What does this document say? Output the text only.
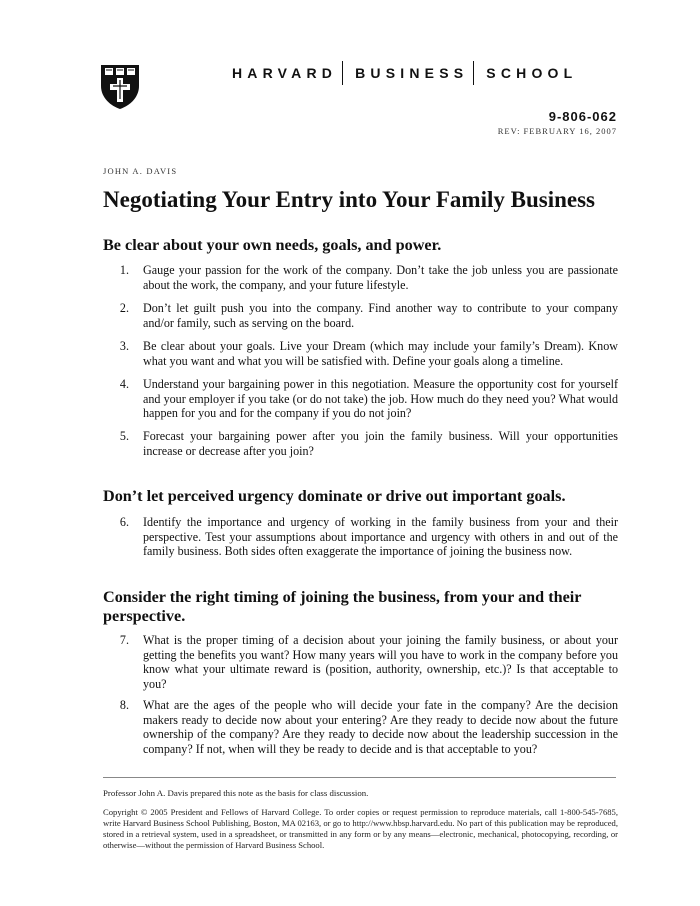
HARVARD BUSINESS SCHOOL
9-806-062
REV: FEBRUARY 16, 2007
JOHN A. DAVIS
Negotiating Your Entry into Your Family Business
Be clear about your own needs, goals, and power.
1. Gauge your passion for the work of the company. Don’t take the job unless you are passionate about the work, the company, and your future lifestyle.
2. Don’t let guilt push you into the company. Find another way to contribute to your company and/or family, such as serving on the board.
3. Be clear about your goals. Live your Dream (which may include your family’s Dream). Know what you want and what you will be satisfied with. Define your goals along a timeline.
4. Understand your bargaining power in this negotiation. Measure the opportunity cost for yourself and your employer if you take (or do not take) the job. How much do they need you? What would happen for you and for the company if you do not join?
5. Forecast your bargaining power after you join the family business. Will your opportunities increase or decrease after you join?
Don’t let perceived urgency dominate or drive out important goals.
6. Identify the importance and urgency of working in the family business from your and their perspective. Test your assumptions about importance and urgency with others in and out of the family business. Both sides often exaggerate the importance of joining the business now.
Consider the right timing of joining the business, from your and their perspective.
7. What is the proper timing of a decision about your joining the family business, or about your getting the benefits you want? How many years will you have to work in the company before you know what your ultimate reward is (position, authority, ownership, etc.)? Is that acceptable to you?
8. What are the ages of the people who will decide your fate in the company? Are the decision makers ready to decide now about your entering? Are they ready to decide now about the future ownership of the company? Are they ready to decide now about the leadership succession in the company? If not, when will they be ready to decide and is that acceptable to you?
Professor John A. Davis prepared this note as the basis for class discussion.
Copyright © 2005 President and Fellows of Harvard College. To order copies or request permission to reproduce materials, call 1-800-545-7685, write Harvard Business School Publishing, Boston, MA 02163, or go to http://www.hbsp.harvard.edu. No part of this publication may be reproduced, stored in a retrieval system, used in a spreadsheet, or transmitted in any form or by any means—electronic, mechanical, photocopying, recording, or otherwise—without the permission of Harvard Business School.
